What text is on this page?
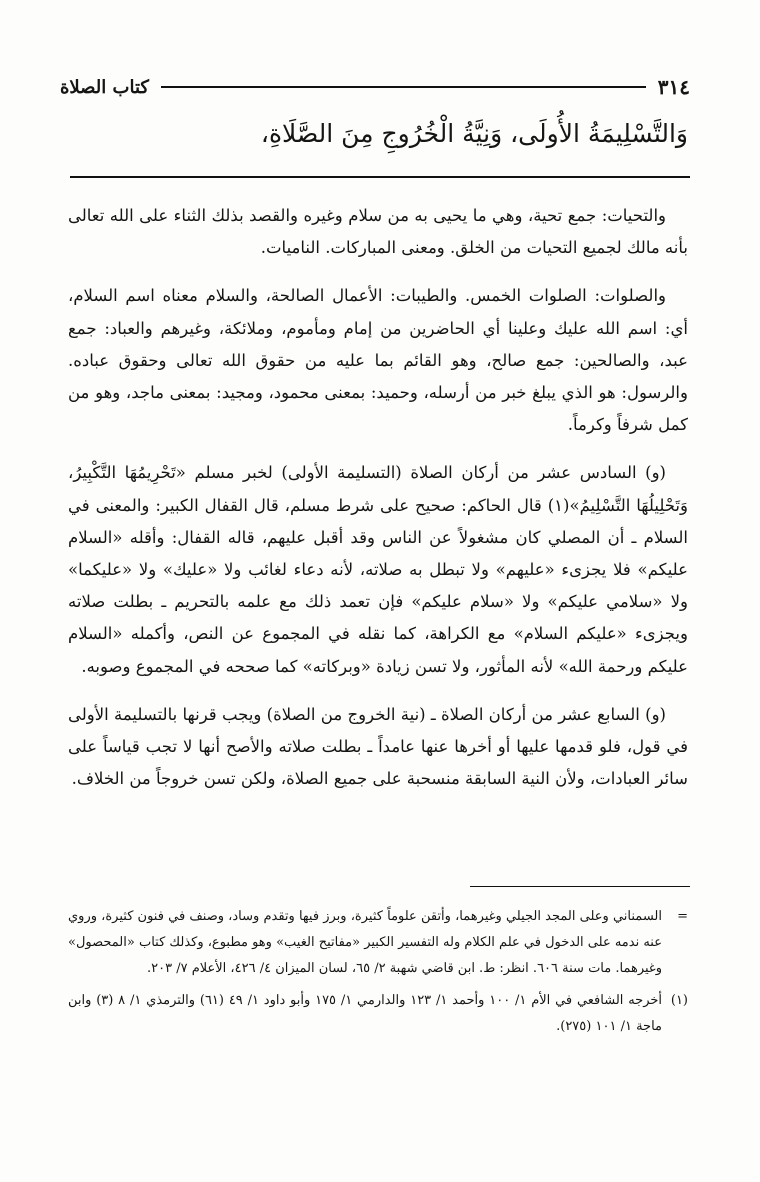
٣١٤
كتاب الصلاة
وَالتَّسْلِيمَةُ الأُولَى، وَنِيَّةُ الْخُرُوجِ مِنَ الصَّلَاةِ،

والتحيات: جمع تحية، وهي ما يحيى به من سلام وغيره والقصد بذلك الثناء على الله تعالى بأنه مالك لجميع التحيات من الخلق. ومعنى المباركات. الناميات.

والصلوات: الصلوات الخمس. والطيبات: الأعمال الصالحة، والسلام معناه اسم السلام، أي: اسم الله عليك وعلينا أي الحاضرين من إمام ومأموم، وملائكة، وغيرهم والعباد: جمع عبد، والصالحين: جمع صالح، وهو القائم بما عليه من حقوق الله تعالى وحقوق عباده. والرسول: هو الذي يبلغ خبر من أرسله، وحميد: بمعنى محمود، ومجيد: بمعنى ماجد، وهو من كمل شرفاً وكرماً.

(و) السادس عشر من أركان الصلاة (التسليمة الأولى) لخبر مسلم «تَحْرِيمُهَا التَّكْبِيرُ، وَتَحْلِيلُهَا التَّسْلِيمُ»(١) قال الحاكم: صحيح على شرط مسلم، قال القفال الكبير: والمعنى في السلام ـ أن المصلي كان مشغولاً عن الناس وقد أقبل عليهم، قاله القفال: وأقله «السلام عليكم» فلا يجزىء «عليهم» ولا تبطل به صلاته، لأنه دعاء لغائب ولا «عليك» ولا «عليكما» ولا «سلامي عليكم» ولا «سلام عليكم» فإن تعمد ذلك مع علمه بالتحريم ـ بطلت صلاته ويجزىء «عليكم السلام» مع الكراهة، كما نقله في المجموع عن النص، وأكمله «السلام عليكم ورحمة الله» لأنه المأثور، ولا تسن زيادة «وبركاته» كما صححه في المجموع وصوبه.

(و) السابع عشر من أركان الصلاة ـ (نية الخروج من الصلاة) ويجب قرنها بالتسليمة الأولى في قول، فلو قدمها عليها أو أخرها عنها عامداً ـ بطلت صلاته والأصح أنها لا تجب قياساً على سائر العبادات، ولأن النية السابقة منسحبة على جميع الصلاة، ولكن تسن خروجاً من الخلاف.

=
السمناني وعلى المجد الجيلي وغيرهما، وأتقن علوماً كثيرة، وبرز فيها وتقدم وساد، وصنف في فنون كثيرة، وروي عنه ندمه على الدخول في علم الكلام وله التفسير الكبير «مفاتيح الغيب» وهو مطبوع، وكذلك كتاب «المحصول» وغيرهما. مات سنة ٦٠٦. انظر: ط. ابن قاضي شهبة ٢/ ٦٥، لسان الميزان ٤/ ٤٢٦، الأعلام ٧/ ٢٠٣.
(١)
أخرجه الشافعي في الأم ١/ ١٠٠ وأحمد ١/ ١٢٣ والدارمي ١/ ١٧٥ وأبو داود ١/ ٤٩ (٦١) والترمذي ١/ ٨ (٣) وابن ماجة ١/ ١٠١ (٢٧٥).
